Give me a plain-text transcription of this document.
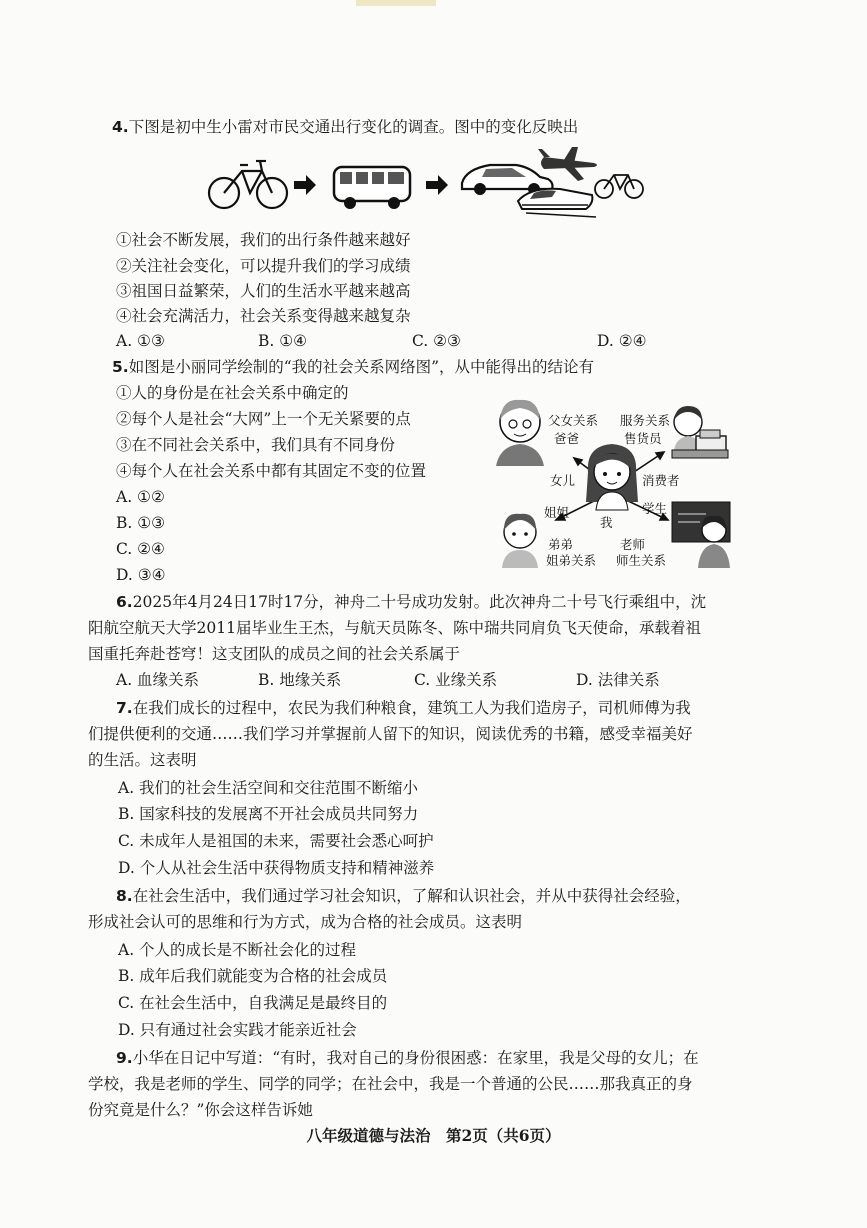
4.下图是初中生小雷对市民交通出行变化的调查。图中的变化反映出
①社会不断发展，我们的出行条件越来越好
②关注社会变化，可以提升我们的学习成绩
③祖国日益繁荣，人们的生活水平越来越高
④社会充满活力，社会关系变得越来越复杂
A. ①③	B. ①④	C. ②③	D. ②④
5.如图是小丽同学绘制的“我的社会关系网络图”，从中能得出的结论有
①人的身份是在社会关系中确定的
②每个人是社会“大网”上一个无关紧要的点
③在不同社会关系中，我们具有不同身份
④每个人在社会关系中都有其固定不变的位置
A. ①②
B. ①③
C. ②④
D. ③④
父女关系
爸爸
服务关系
售货员
女儿	消费者
姐姐
我
学生
弟弟
姐弟关系
老师
师生关系
6.2025年4月24日17时17分，神舟二十号成功发射。此次神舟二十号飞行乘组中，沈
阳航空航天大学2011届毕业生王杰，与航天员陈冬、陈中瑞共同肩负飞天使命，承载着祖
国重托奔赴苍穹！这支团队的成员之间的社会关系属于
A. 血缘关系	B. 地缘关系	C. 业缘关系	D. 法律关系
7.在我们成长的过程中，农民为我们种粮食，建筑工人为我们造房子，司机师傅为我
们提供便利的交通……我们学习并掌握前人留下的知识，阅读优秀的书籍，感受幸福美好
的生活。这表明
A. 我们的社会生活空间和交往范围不断缩小
B. 国家科技的发展离不开社会成员共同努力
C. 未成年人是祖国的未来，需要社会悉心呵护
D. 个人从社会生活中获得物质支持和精神滋养
8.在社会生活中，我们通过学习社会知识，了解和认识社会，并从中获得社会经验，
形成社会认可的思维和行为方式，成为合格的社会成员。这表明
A. 个人的成长是不断社会化的过程
B. 成年后我们就能变为合格的社会成员
C. 在社会生活中，自我满足是最终目的
D. 只有通过社会实践才能亲近社会
9.小华在日记中写道：“有时，我对自己的身份很困惑：在家里，我是父母的女儿；在
学校，我是老师的学生、同学的同学；在社会中，我是一个普通的公民……那我真正的身
份究竟是什么？”你会这样告诉她
八年级道德与法治　第2页（共6页）
